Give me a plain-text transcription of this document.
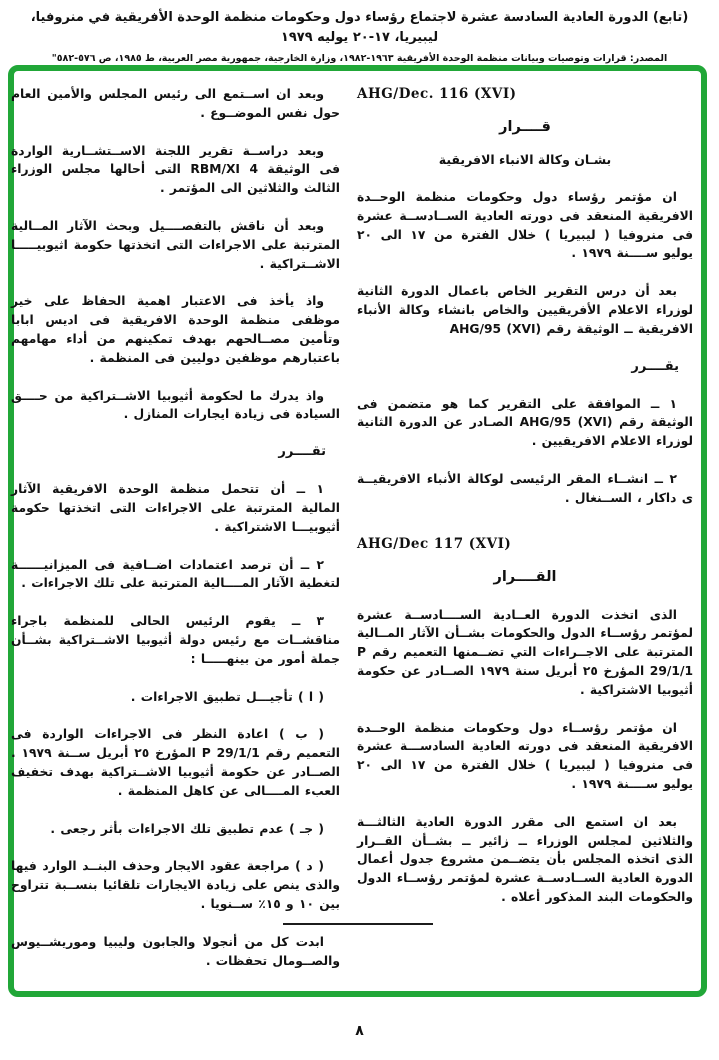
(تابع) الدورة العادية السادسة عشرة لاجتماع رؤساء دول وحكومات منظمة الوحدة الأفريقية في منروفيا، ليبيريا، ١٧-٢٠ يوليه ١٩٧٩
المصدر: قرارات وتوصيات وبيانات منظمة الوحدة الأفريقية ١٩٦٣-١٩٨٢، وزارة الخارجية، جمهورية مصر العربية، ط ١٩٨٥، ص ٥٧٦-٥٨٢"
AHG/Dec. 116 (XVI)
قــــرار
بشـان وكالة الانباء الافريقية

ان مؤتمر رؤساء دول وحكومات منظمة الوحــدة الافريقية المنعقد فى دورته العادية الســادســة عشرة فى منروفيا ( ليبيريا ) خلال الفترة من ١٧ الى ٢٠ يوليو ســــنة ١٩٧٩ .

بعد أن درس التقرير الخاص باعمال الدورة الثانية لوزراء الاعلام الأفريقيين والخاص بانشاء وكالة الأنباء الافريقية ــ الوثيقة رقم AHG/95 (XVI)

يقــــرر

١ ــ الموافقة على التقرير كما هو متضمن فى الوثيقة رقم AHG/95 (XVI) الصـادر عن الدورة الثانية لوزراء الاعلام الافريقيين .

٢ ــ انشــاء المقر الرئيسى لوكالة الأنباء الافريقيــة ى داكار ، الســنغال .

AHG/Dec 117 (XVI)
القــــرار

الذى اتخذت الدورة العــادية الســــادســة عشرة لمؤتمر رؤســاء الدول والحكومات بشــأن الآثار المــالية المترتبة على الاجــراءات التي تضــمنها التعميم رقم P 29/1/1 المؤرخ ٢٥ أبريل سنة ١٩٧٩ الصــادر عن حكومة أثيوبيا الاشتراكية .

ان مؤتمر رؤســاء دول وحكومات منظمة الوحــدة الافريقية المنعقد فى دورته العادية السادســـة عشرة فى منروفيا ( ليبيريا ) خلال الفترة من ١٧ الى ٢٠ يوليو ســــنة ١٩٧٩ .

بعد ان استمع الى مقرر الدورة العادية الثالثـــة والثلاثين لمجلس الوزراء ــ زائير ــ بشــأن القــرار الذى اتخذه المجلس بأن يتضــمن مشروع جدول أعمال الدورة العادية الســادســة عشرة لمؤتمر رؤســاء الدول والحكومات البند المذكور أعلاه .

وبعد ان اســتمع الى رئيس المجلس والأمين العام حول نفس الموضــوع .

وبعد دراســة تقرير اللجنة الاســتشــارية الواردة فى الوثيقة RBM/XI 4 التى أحالها مجلس الوزراء الثالث والثلاثين الى المؤتمر .

وبعد أن ناقش بالتفصــــيل وبحث الآثار المــالية المترتبة على الاجراءات التى اتخذتها حكومة اثيوبيـــــا الاشــتراكية .

واذ يأخذ فى الاعتبار اهمية الحفاظ على خير موظفى منظمة الوحدة الافريقية فى اديس ابابا وتأمين مصــالحهم بهدف تمكينهم من أداء مهامهم باعتبارهم موظفين دوليين فى المنظمة .

واذ يدرك ما لحكومة أثيوبيا الاشــتراكية من حــــق السيادة فى زيادة ايجارات المنازل .

تقــــرر

١ ــ أن تتحمل منظمة الوحدة الافريقية الآثار المالية المترتبة على الاجراءات التى اتخذتها حكومة أثيوبيـــا الاشتراكية .

٢ ــ أن ترصد اعتمادات اضــافية فى الميزانيــــــة لتغطية الآثار المــــالية المترتبة على تلك الاجراءات .

٣ ــ يقوم الرئيس الحالى للمنظمة باجراء مناقشــات مع رئيس دولة أثيوبيا الاشــتراكية بشــأن جملة أمور من بينهـــــا :

( ا ) تأجيـــل تطبيق الاجراءات .

( ب ) اعادة النظر فى الاجراءات الواردة فى التعميم رقم P 29/1/1 المؤرخ ٢٥ أبريل ســنة ١٩٧٩ . الصــادر عن حكومة أثيوبيا الاشــتراكية بهدف تخفيف العبء المــــالى عن كاهل المنظمة .

( جـ ) عدم تطبيق تلك الاجراءات بأثر رجعى .

( د ) مراجعة عقود الايجار وحذف البنــد الوارد فيها والذى ينص على زيادة الايجارات تلقائيا بنســبة تتراوح بين ١٠ و ١٥٪ ســنويا .

ابدت كل من أنجولا والجابون وليبيا وموريشــيوس والصــومال تحفظات .

٨
